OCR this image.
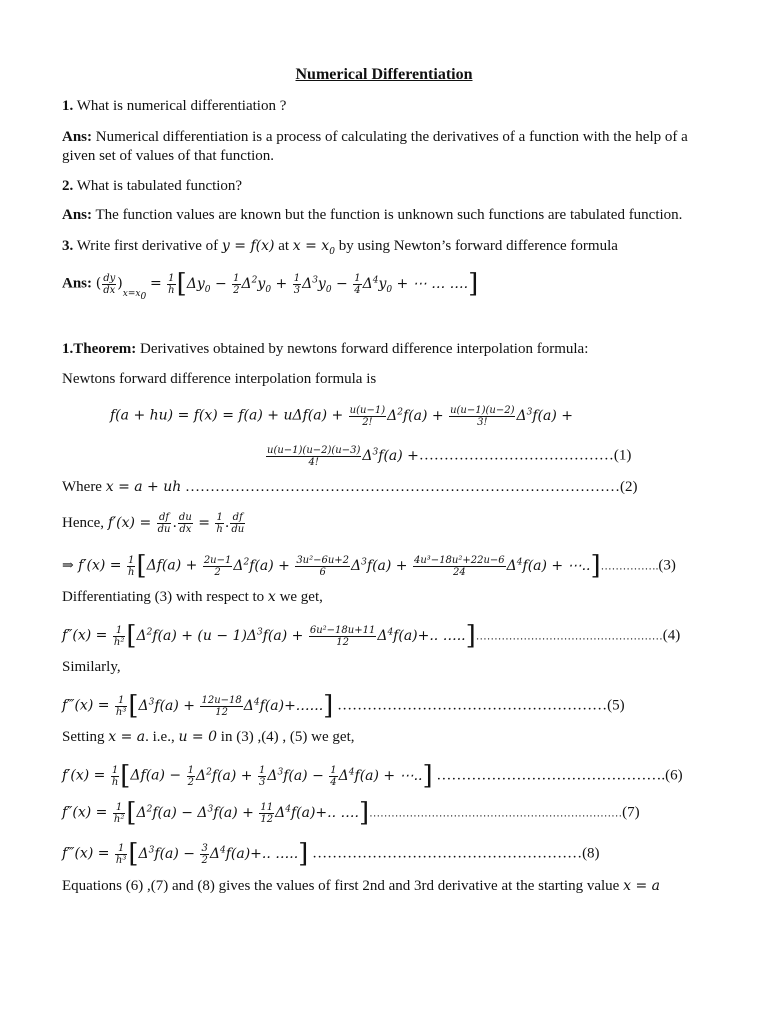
Numerical Differentiation
1. What is numerical differentiation ?
Ans: Numerical differentiation is a process of calculating the derivatives of a function with the help of a
given set of values of that function.
2. What is tabulated function?
Ans: The function values are known but the function is unknown such functions are tabulated function.
3. Write first derivative of y = f(x) at $x = x_0$ by using Newton’s forward difference formula
Ans: ( $\frac{dy}{dx} )_{x=x_0} = \frac{1}{h} [\Delta y_0 - \frac{1}{2} \Delta^2y_0 + \frac{1}{3} \Delta^3y_0 - \frac{1}{4} \Delta^4y_0$ + ⋯ … ….]
1.Theorem: Derivatives obtained by newtons forward difference interpolation formula:
Newtons forward difference interpolation formula is
$f(a + hu) = f(x) = f(a) + u\Delta f(a) + \frac{u(u-1)}{2!} \Delta^2f(a) + \frac{u(u-1)(u-2)}{3!} \Delta^3f(a)$ +
$\frac{u(u-1)(u-2)(u-3)}{4!} \Delta^3f(a)$ +…………………………………(1)
Where x = a + uh ……………………………………………………………………………(2)
Hence, $f'(x) = \frac{df}{du}$ . $\frac{du}{dx} = \frac{1}{h}$ . $\frac{df}{du}$
⇒ $f'(x) = \frac{1}{h} [\Delta f(a) + \frac{2u-1}{2} \Delta^2f(a) + \frac{\text{3u²−6u+2}}{6} \Delta^3f(a) + \frac{\text{4u³−18u²+22u−6}}{24} \Delta^4f(a)$ + ⋯..]…………….(3)
Differentiating (3) with respect to x we get,
$f''(x) = \frac{1}{\text{h²}} [\Delta^2f(a) + (u - 1)\Delta^3f(a) + \frac{\text{6u²−18u+11}}{12} \Delta^4f(a)+$.. …..]……………………………………………(4)
Similarly,
f‴(x) = $\frac{1}{\text{h³}} [\Delta^3f(a) + \frac{12u-18}{12}$ $\Delta^4f(a)+.\dots$..] ………………………………………………(5)
Setting x = a. i.e., u = 0 in (3) ,(4) , (5) we get,
$f'(x) = \frac{1}{h} [\Delta f(a) - \frac{1}{2} \Delta^2f(a) + \frac{1}{3} \Delta^3f(a) - \frac{1}{4} \Delta^4f(a)$ + ⋯..] ……………………………………….(6)
$f''(x) = \frac{1}{\text{h²}} [\Delta^2f(a) - \Delta^3f(a) + \frac{11}{12} \Delta^4f(a)+$.. ….]……………………………………………………………(7)
f‴(x) = $\frac{1}{\text{h³}} [\Delta^3f(a) - \frac{3}{2} \Delta^4f(a)+$.. …..] ………………………………………………(8)
Equations (6) ,(7) and (8) gives the values of first 2nd and 3rd derivative at the starting value x = a
